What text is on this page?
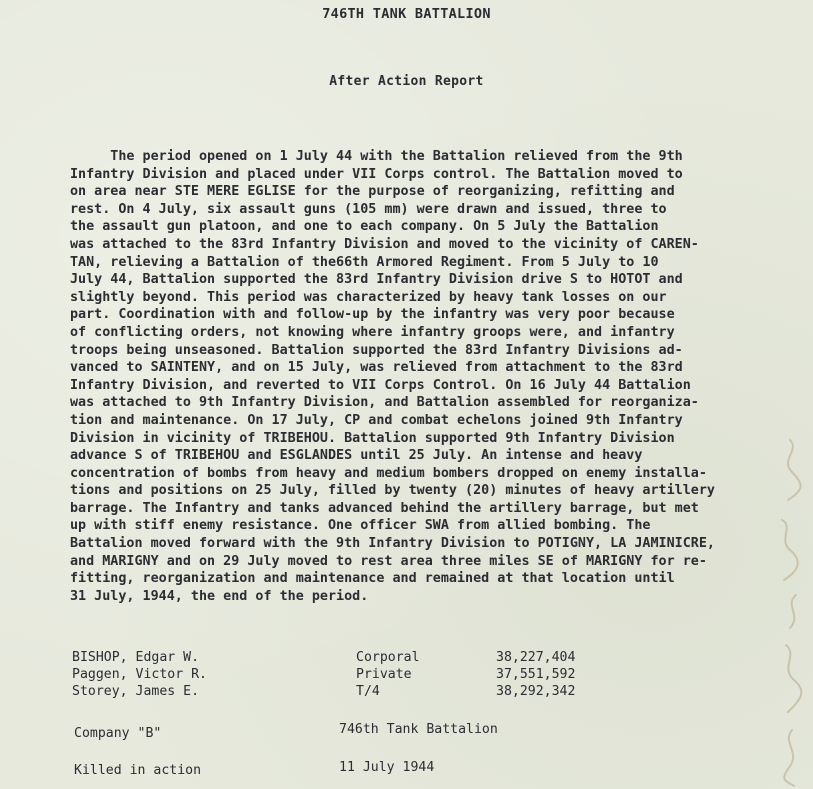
746TH TANK BATTALION
After Action Report
The period opened on 1 July 44 with the Battalion relieved from the 9th
Infantry Division and placed under VII Corps control. The Battalion moved to
on area near STE MERE EGLISE for the purpose of reorganizing, refitting and
rest. On 4 July, six assault guns (105 mm) were drawn and issued, three to
the assault gun platoon, and one to each company. On 5 July the Battalion
was attached to the 83rd Infantry Division and moved to the vicinity of CAREN-
TAN, relieving a Battalion of the66th Armored Regiment. From 5 July to 10
July 44, Battalion supported the 83rd Infantry Division drive S to HOTOT and
slightly beyond. This period was characterized by heavy tank losses on our
part. Coordination with and follow-up by the infantry was very poor because
of conflicting orders, not knowing where infantry groops were, and infantry
troops being unseasoned. Battalion supported the 83rd Infantry Divisions ad-
vanced to SAINTENY, and on 15 July, was relieved from attachment to the 83rd
Infantry Division, and reverted to VII Corps Control. On 16 July 44 Battalion
was attached to 9th Infantry Division, and Battalion assembled for reorganiza-
tion and maintenance. On 17 July, CP and combat echelons joined 9th Infantry
Division in vicinity of TRIBEHOU. Battalion supported 9th Infantry Division
advance S of TRIBEHOU and ESGLANDES until 25 July. An intense and heavy
concentration of bombs from heavy and medium bombers dropped on enemy installa-
tions and positions on 25 July, filled by twenty (20) minutes of heavy artillery
barrage. The Infantry and tanks advanced behind the artillery barrage, but met
up with stiff enemy resistance. One officer SWA from allied bombing. The
Battalion moved forward with the 9th Infantry Division to POTIGNY, LA JAMINICRE,
and MARIGNY and on 29 July moved to rest area three miles SE of MARIGNY for re-
fitting, reorganization and maintenance and remained at that location until
31 July, 1944, the end of the period.
BISHOP, Edgar W.	Corporal	38,227,404
Paggen, Victor R.	Private	37,551,592
Storey, James E.	T/4	38,292,342
Company "B"	746th Tank Battalion
Killed in action	11 July 1944
